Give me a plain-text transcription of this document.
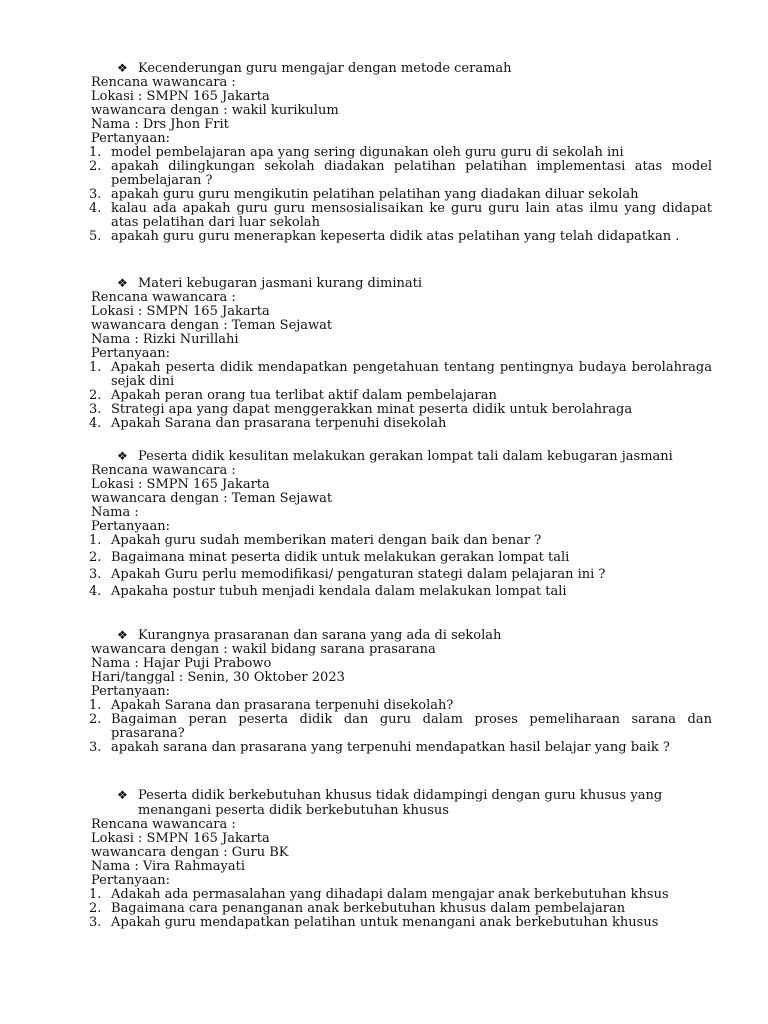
❖ Kecenderungan guru mengajar dengan metode ceramah
Rencana wawancara :
Lokasi : SMPN 165 Jakarta
wawancara dengan : wakil kurikulum
Nama : Drs Jhon Frit
Pertanyaan:
1. model pembelajaran apa yang sering digunakan oleh guru guru di sekolah ini
2. apakah dilingkungan sekolah diadakan pelatihan pelatihan implementasi atas model pembelajaran ?
3. apakah guru guru mengikutin pelatihan pelatihan yang diadakan diluar sekolah
4. kalau ada apakah guru guru mensosialisaikan ke guru guru lain atas ilmu yang didapat atas pelatihan dari luar sekolah
5. apakah guru guru menerapkan kepeserta didik atas pelatihan yang telah didapatkan .
❖ Materi kebugaran jasmani kurang diminati
Rencana wawancara :
Lokasi : SMPN 165 Jakarta
wawancara dengan : Teman Sejawat
Nama : Rizki Nurillahi
Pertanyaan:
1. Apakah peserta didik mendapatkan pengetahuan tentang pentingnya budaya berolahraga sejak dini
2. Apakah peran orang tua terlibat aktif dalam pembelajaran
3. Strategi apa yang dapat menggerakkan minat peserta didik untuk berolahraga
4. Apakah Sarana dan prasarana terpenuhi disekolah
❖ Peserta didik kesulitan melakukan gerakan lompat tali dalam kebugaran jasmani
Rencana wawancara :
Lokasi : SMPN 165 Jakarta
wawancara dengan : Teman Sejawat
Nama :
Pertanyaan:
1. Apakah guru sudah memberikan materi dengan baik dan benar ?
2. Bagaimana minat peserta didik untuk melakukan gerakan lompat tali
3. Apakah Guru perlu memodifikasi/ pengaturan stategi dalam pelajaran ini ?
4. Apakaha postur tubuh menjadi kendala dalam melakukan lompat tali
❖ Kurangnya prasaranan dan sarana yang ada di sekolah
wawancara dengan : wakil bidang sarana prasarana
Nama : Hajar Puji Prabowo
Hari/tanggal : Senin, 30 Oktober 2023
Pertanyaan:
1. Apakah Sarana dan prasarana terpenuhi disekolah?
2. Bagaiman peran peserta didik dan guru dalam proses pemeliharaan sarana dan prasarana?
3. apakah sarana dan prasarana yang terpenuhi mendapatkan hasil belajar yang baik ?
❖ Peserta didik berkebutuhan khusus tidak didampingi dengan guru khusus yang
menangani peserta didik berkebutuhan khusus
Rencana wawancara :
Lokasi : SMPN 165 Jakarta
wawancara dengan : Guru BK
Nama : Vira Rahmayati
Pertanyaan:
1. Adakah ada permasalahan yang dihadapi dalam mengajar anak berkebutuhan khsus
2. Bagaimana cara penanganan anak berkebutuhan khusus dalam pembelajaran
3. Apakah guru mendapatkan pelatihan untuk menangani anak berkebutuhan khusus
